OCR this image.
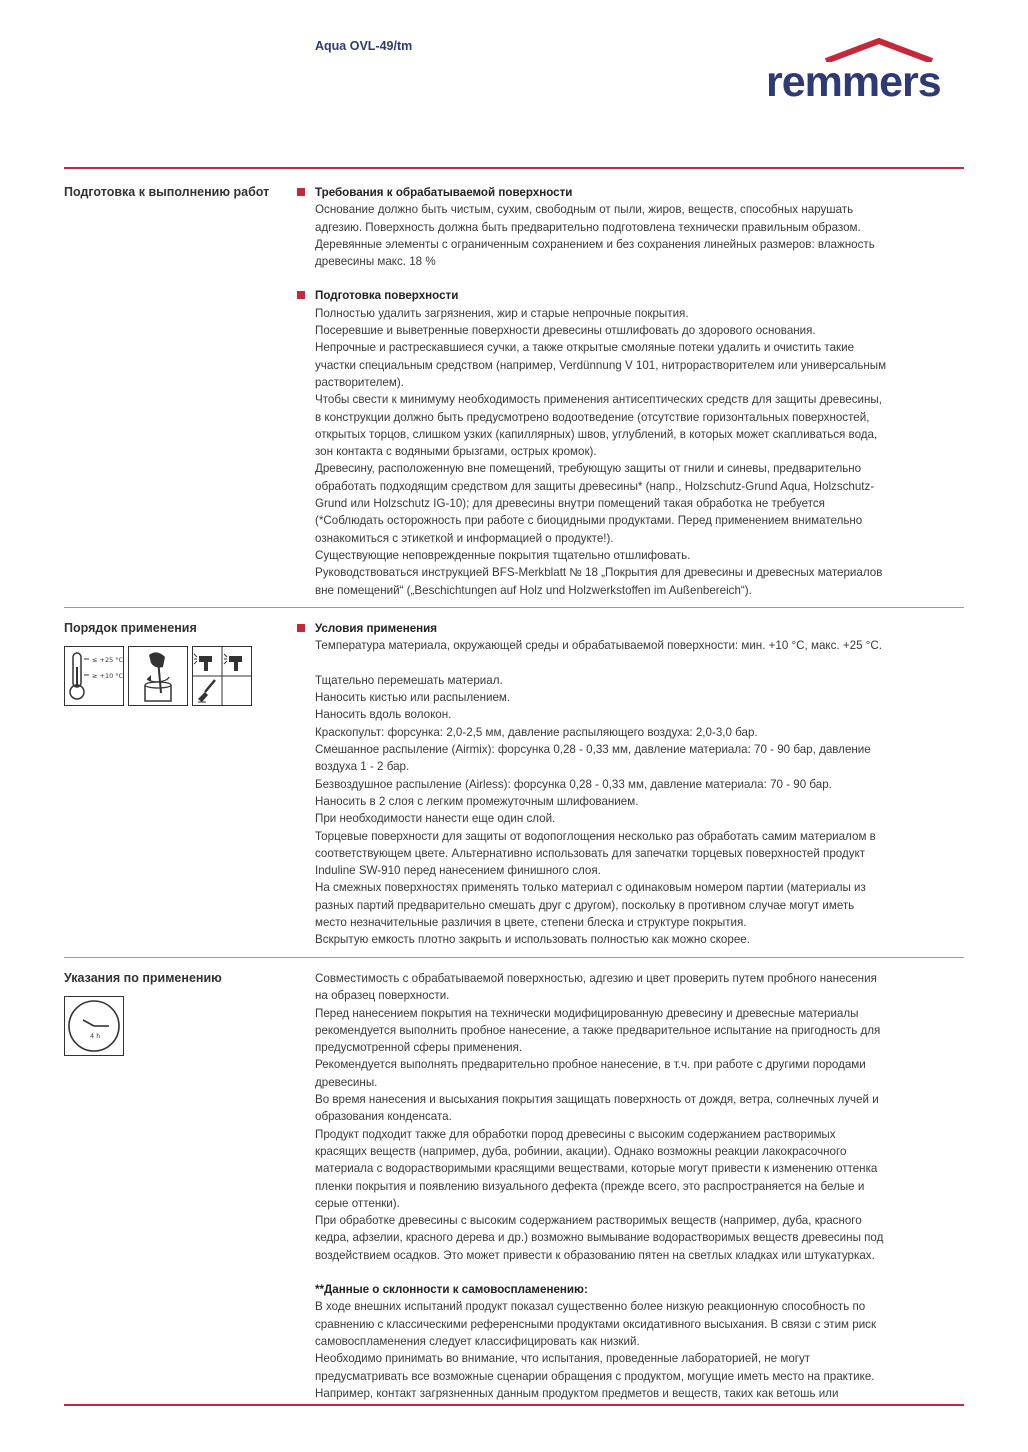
Aqua OVL-49/tm
remmers
Подготовка к выполнению работ	Требования к обрабатываемой поверхности
Основание должно быть чистым, сухим, свободным от пыли, жиров, веществ, способных нарушать
адгезию. Поверхность должна быть предварительно подготовлена технически правильным образом.
Деревянные элементы с ограниченным сохранением и без сохранения линейных размеров: влажность
древесины макс. 18 %
Подготовка поверхности
Полностью удалить загрязнения, жир и старые непрочные покрытия.
Посеревшие и выветренные поверхности древесины отшлифовать до здорового основания.
Непрочные и растрескавшиеся сучки, а также открытые смоляные потеки удалить и очистить такие
участки специальным средством (например, Verdünnung V 101, нитрорастворителем или универсальным
растворителем).
Чтобы свести к минимуму необходимость применения антисептических средств для защиты древесины,
в конструкции должно быть предусмотрено водоотведение (отсутствие горизонтальных поверхностей,
открытых торцов, слишком узких (капиллярных) швов, углублений, в которых может скапливаться вода,
зон контакта с водяными брызгами, острых кромок).
Древесину, расположенную вне помещений, требующую защиты от гнили и синевы, предварительно
обработать подходящим средством для защиты древесины* (напр., Holzschutz-Grund Aqua, Holzschutz-
Grund или Holzschutz IG-10); для древесины внутри помещений такая обработка не требуется
(*Соблюдать осторожность при работе с биоцидными продуктами. Перед применением внимательно
ознакомиться с этикеткой и информацией о продукте!).
Существующие неповрежденные покрытия тщательно отшлифовать.
Руководствоваться инструкцией BFS-Merkblatt № 18 „Покрытия для древесины и древесных материалов
вне помещений“ („Beschichtungen auf Holz und Holzwerkstoffen im Außenbereich“).
Порядок применения
≤ +25 °C
≥ +10 °C
Условия применения
Температура материала, окружающей среды и обрабатываемой поверхности: мин. +10 °C, макс. +25 °C.
Тщательно перемешать материал.
Наносить кистью или распылением.
Наносить вдоль волокон.
Краскопульт: форсунка: 2,0-2,5 мм, давление распыляющего воздуха: 2,0-3,0 бар.
Смешанное распыление (Airmix): форсунка 0,28 - 0,33 мм, давление материала: 70 - 90 бар, давление
воздуха 1 - 2 бар.
Безвоздушное распыление (Airless): форсунка 0,28 - 0,33 мм, давление материала: 70 - 90 бар.
Наносить в 2 слоя с легким промежуточным шлифованием.
При необходимости нанести еще один слой.
Торцевые поверхности для защиты от водопоглощения несколько раз обработать самим материалом в
соответствующем цвете. Альтернативно использовать для запечатки торцевых поверхностей продукт
Induline SW-910 перед нанесением финишного слоя.
На смежных поверхностях применять только материал с одинаковым номером партии (материалы из
разных партий предварительно смешать друг с другом), поскольку в противном случае могут иметь
место незначительные различия в цвете, степени блеска и структуре покрытия.
Вскрытую емкость плотно закрыть и использовать полностью как можно скорее.
Указания по применению
4 h
Совместимость с обрабатываемой поверхностью, адгезию и цвет проверить путем пробного нанесения
на образец поверхности.
Перед нанесением покрытия на технически модифицированную древесину и древесные материалы
рекомендуется выполнить пробное нанесение, а также предварительное испытание на пригодность для
предусмотренной сферы применения.
Рекомендуется выполнять предварительно пробное нанесение, в т.ч. при работе с другими породами
древесины.
Во время нанесения и высыхания покрытия защищать поверхность от дождя, ветра, солнечных лучей и
образования конденсата.
Продукт подходит также для обработки пород древесины с высоким содержанием растворимых
красящих веществ (например, дуба, робинии, акации). Однако возможны реакции лакокрасочного
материала с водорастворимыми красящими веществами, которые могут привести к изменению оттенка
пленки покрытия и появлению визуального дефекта (прежде всего, это распространяется на белые и
серые оттенки).
При обработке древесины с высоким содержанием растворимых веществ (например, дуба, красного
кедра, афзелии, красного дерева и др.) возможно вымывание водорастворимых веществ древесины под
воздействием осадков. Это может привести к образованию пятен на светлых кладках или штукатурках.
**Данные о склонности к самовоспламенению:
В ходе внешних испытаний продукт показал существенно более низкую реакционную способность по
сравнению с классическими референсными продуктами оксидативного высыхания. В связи с этим риск
самовоспламенения следует классифицировать как низкий.
Необходимо принимать во внимание, что испытания, проведенные лабораторией, не могут
предусматривать все возможные сценарии обращения с продуктом, могущие иметь место на практике.
Например, контакт загрязненных данным продуктом предметов и веществ, таких как ветошь или
